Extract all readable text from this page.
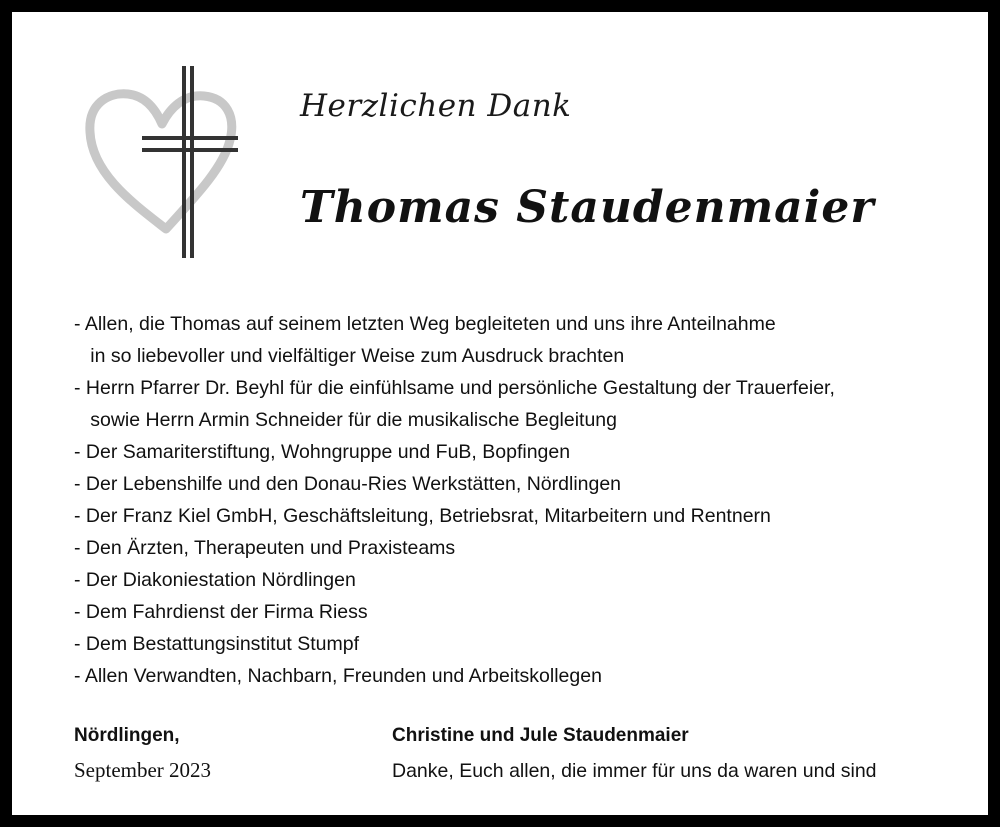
Herzlichen Dank
Thomas Staudenmaier
- Allen, die Thomas auf seinem letzten Weg begleiteten und uns ihre Anteilnahme
in so liebevoller und vielfältiger Weise zum Ausdruck brachten
- Herrn Pfarrer Dr. Beyhl für die einfühlsame und persönliche Gestaltung der Trauerfeier,
sowie Herrn Armin Schneider für die musikalische Begleitung
- Der Samariterstiftung, Wohngruppe und FuB, Bopfingen
- Der Lebenshilfe und den Donau-Ries Werkstätten, Nördlingen
- Der Franz Kiel GmbH, Geschäftsleitung, Betriebsrat, Mitarbeitern und Rentnern
- Den Ärzten, Therapeuten und Praxisteams
- Der Diakoniestation Nördlingen
- Dem Fahrdienst der Firma Riess
- Dem Bestattungsinstitut Stumpf
- Allen Verwandten, Nachbarn, Freunden und Arbeitskollegen
Nördlingen,
September 2023
Christine und Jule Staudenmaier
Danke, Euch allen, die immer für uns da waren und sind
